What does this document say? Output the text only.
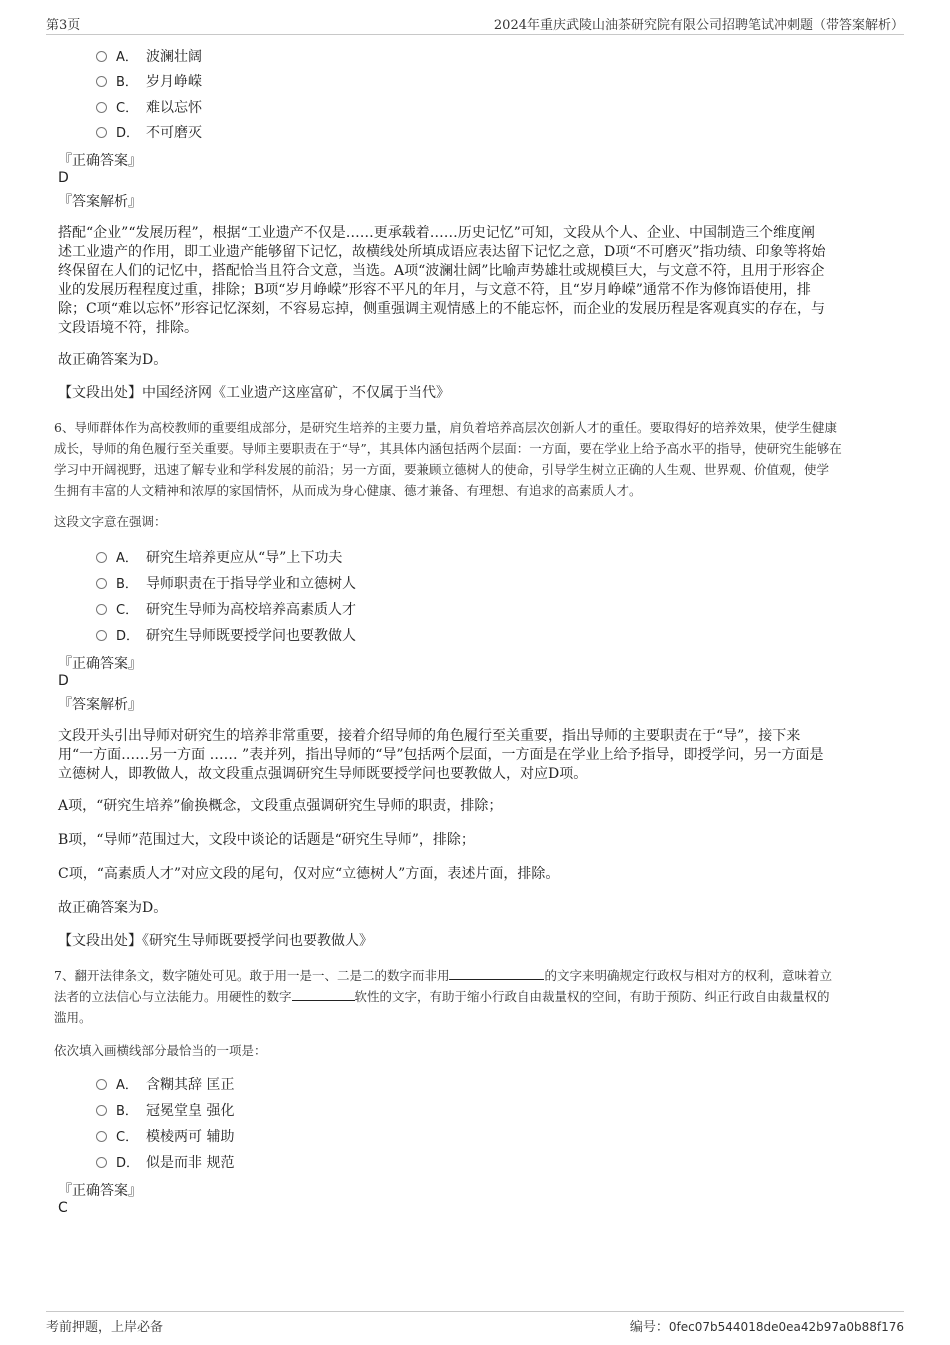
第3页	2024年重庆武陵山油茶研究院有限公司招聘笔试冲刺题（带答案解析）
A． 波澜壮阔
B． 岁月峥嵘
C． 难以忘怀
D． 不可磨灭
『正确答案』
D
『答案解析』
搭配“企业”“发展历程”，根据“工业遗产不仅是……更承载着……历史记忆”可知，文段从个人、企业、中国制造三个维度阐
述工业遗产的作用，即工业遗产能够留下记忆，故横线处所填成语应表达留下记忆之意，D项“不可磨灭”指功绩、印象等将始
终保留在人们的记忆中，搭配恰当且符合文意，当选。A项“波澜壮阔”比喻声势雄壮或规模巨大，与文意不符，且用于形容企
业的发展历程程度过重，排除；B项“岁月峥嵘”形容不平凡的年月，与文意不符，且“岁月峥嵘”通常不作为修饰语使用，排
除；C项“难以忘怀”形容记忆深刻，不容易忘掉，侧重强调主观情感上的不能忘怀，而企业的发展历程是客观真实的存在，与
文段语境不符，排除。
故正确答案为D。
【文段出处】中国经济网《工业遗产这座富矿，不仅属于当代》
6、导师群体作为高校教师的重要组成部分，是研究生培养的主要力量，肩负着培养高层次创新人才的重任。要取得好的培养效果，使学生健康
成长，导师的角色履行至关重要。导师主要职责在于“导”，其具体内涵包括两个层面：一方面，要在学业上给予高水平的指导，使研究生能够在
学习中开阔视野，迅速了解专业和学科发展的前沿；另一方面，要兼顾立德树人的使命，引导学生树立正确的人生观、世界观、价值观，使学
生拥有丰富的人文精神和浓厚的家国情怀，从而成为身心健康、德才兼备、有理想、有追求的高素质人才。
这段文字意在强调：
A． 研究生培养更应从“导”上下功夫
B． 导师职责在于指导学业和立德树人
C． 研究生导师为高校培养高素质人才
D． 研究生导师既要授学问也要教做人
『正确答案』
D
『答案解析』
文段开头引出导师对研究生的培养非常重要，接着介绍导师的角色履行至关重要，指出导师的主要职责在于“导”，接下来
用“一方面……另一方面 …… ”表并列，指出导师的“导”包括两个层面，一方面是在学业上给予指导，即授学问，另一方面是
立德树人，即教做人，故文段重点强调研究生导师既要授学问也要教做人，对应D项。
A项，“研究生培养”偷换概念，文段重点强调研究生导师的职责，排除；
B项，“导师”范围过大，文段中谈论的话题是“研究生导师”，排除；
C项，“高素质人才”对应文段的尾句，仅对应“立德树人”方面，表述片面，排除。
故正确答案为D。
【文段出处】《研究生导师既要授学问也要教做人》
7、翻开法律条文，数字随处可见。敢于用一是一、二是二的数字而非用	的文字来明确规定行政权与相对方的权利，意味着立
法者的立法信心与立法能力。用硬性的数字	软性的文字，有助于缩小行政自由裁量权的空间，有助于预防、纠正行政自由裁量权的
滥用。
依次填入画横线部分最恰当的一项是：
A． 含糊其辞 匡正
B． 冠冕堂皇 强化
C． 模棱两可 辅助
D． 似是而非 规范
『正确答案』
C
考前押题，上岸必备	编号：0fec07b544018de0ea42b97a0b88f176
